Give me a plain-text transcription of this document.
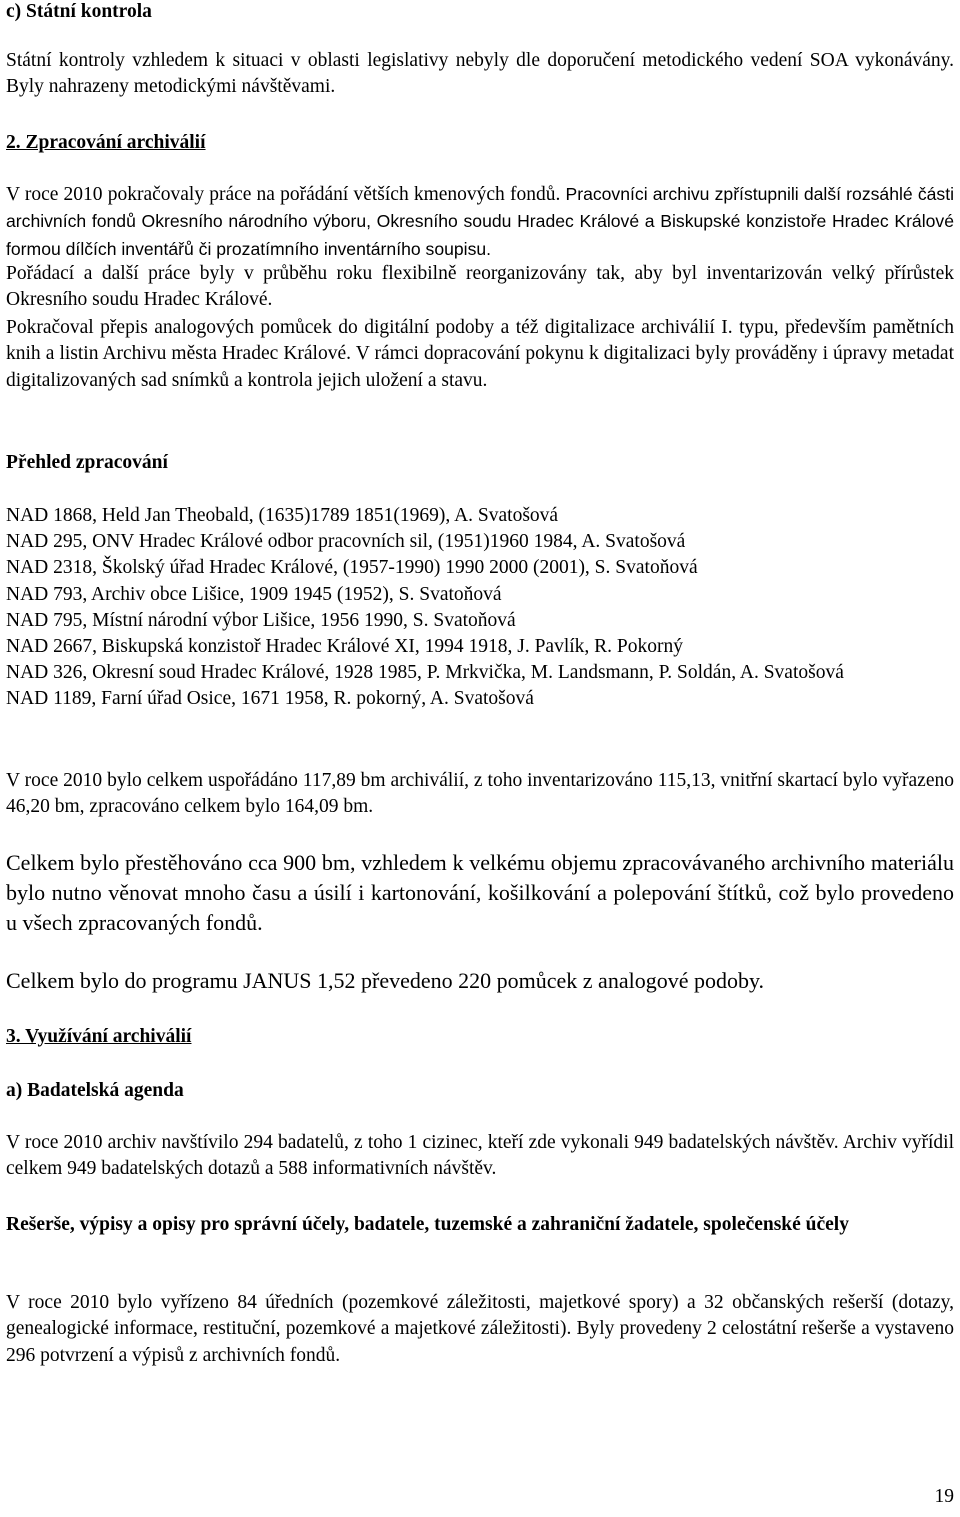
c) Státní kontrola

Státní kontroly vzhledem k situaci v oblasti legislativy nebyly dle doporučení metodického vedení SOA vykonávány. Byly nahrazeny metodickými návštěvami.

2. Zpracování archiválií

V roce 2010 pokračovaly práce na pořádání větších kmenových fondů. Pracovníci archivu zpřístupnili další rozsáhlé části archivních fondů Okresního národního výboru, Okresního soudu Hradec Králové a Biskupské konzistoře Hradec Králové formou dílčích inventářů či prozatímního inventárního soupisu.

Pořádací a další práce byly v průběhu roku flexibilně reorganizovány tak, aby byl inventarizován velký přírůstek Okresního soudu Hradec Králové.

Pokračoval přepis analogových pomůcek do digitální podoby a též digitalizace archiválií I. typu, především pamětních knih a listin Archivu města Hradec Králové. V rámci dopracování pokynu k digitalizaci byly prováděny i úpravy metadat digitalizovaných sad snímků a kontrola jejich uložení a stavu.

Přehled zpracování

NAD 1868, Held Jan Theobald, (1635)1789 1851(1969), A. Svatošová
NAD 295, ONV Hradec Králové odbor pracovních sil, (1951)1960 1984, A. Svatošová
NAD 2318, Školský úřad Hradec Králové, (1957-1990) 1990 2000 (2001), S. Svatoňová
NAD 793, Archiv obce Lišice, 1909 1945 (1952), S. Svatoňová
NAD 795, Místní národní výbor Lišice, 1956 1990, S. Svatoňová
NAD 2667, Biskupská konzistoř Hradec Králové XI, 1994 1918, J. Pavlík, R. Pokorný
NAD 326, Okresní soud Hradec Králové, 1928 1985, P. Mrkvička, M. Landsmann, P. Soldán, A. Svatošová
NAD 1189, Farní úřad Osice, 1671 1958, R. pokorný, A. Svatošová

V roce 2010 bylo celkem uspořádáno 117,89 bm archiválií, z toho inventarizováno 115,13, vnitřní skartací bylo vyřazeno 46,20 bm, zpracováno celkem bylo 164,09 bm.

Celkem bylo přestěhováno cca 900 bm, vzhledem k velkému objemu zpracovávaného archivního materiálu bylo nutno věnovat mnoho času a úsilí i kartonování, košilkování a polepování štítků, což bylo provedeno u všech zpracovaných fondů.

Celkem bylo do programu JANUS 1,52 převedeno 220 pomůcek z analogové podoby.

3. Využívání archiválií

a) Badatelská agenda

V roce 2010 archiv navštívilo 294 badatelů, z toho 1 cizinec, kteří zde vykonali 949 badatelských návštěv. Archiv vyřídil celkem 949 badatelských dotazů a 588 informativních návštěv.

Rešerše, výpisy a opisy pro správní účely, badatele, tuzemské a zahraniční žadatele, společenské účely

V roce 2010 bylo vyřízeno 84 úředních (pozemkové záležitosti, majetkové spory) a 32 občanských rešerší (dotazy, genealogické informace, restituční, pozemkové a majetkové záležitosti). Byly provedeny 2 celostátní rešerše a vystaveno 296 potvrzení a výpisů z archivních fondů.

19
